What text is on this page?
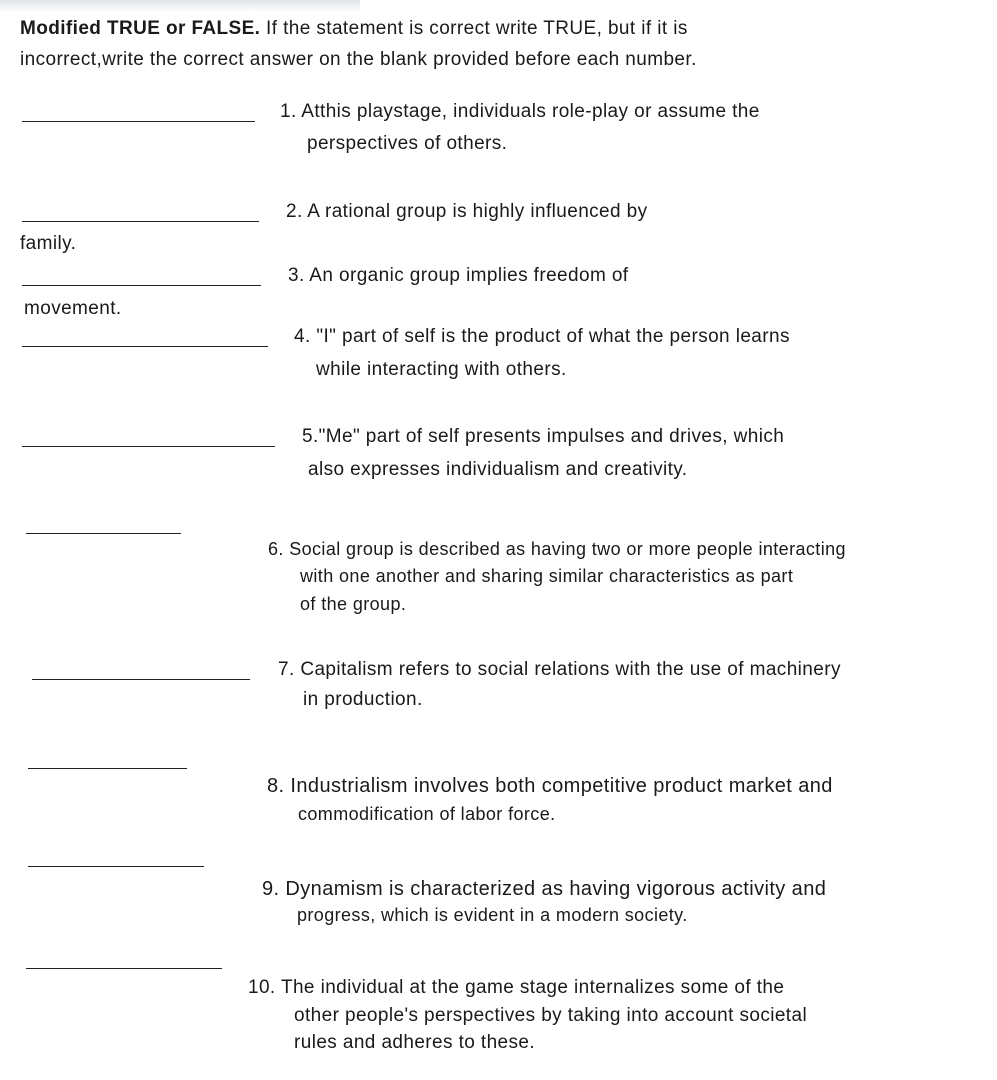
Modified TRUE or FALSE. If the statement is correct write TRUE, but if it is
incorrect,write the correct answer on the blank provided before each number.
1. Atthis playstage, individuals role-play or assume the
perspectives of others.
2. A rational group is highly influenced by
family.
3. An organic group implies freedom of
movement.
4. "I" part of self is the product of what the person learns
while interacting with others.
5."Me" part of self presents impulses and drives, which
also expresses individualism and creativity.
6. Social group is described as having two or more people interacting
with one another and sharing similar characteristics as part
of the group.
7. Capitalism refers to social relations with the use of machinery
in production.
8. Industrialism involves both competitive product market and
commodification of labor force.
9. Dynamism is characterized as having vigorous activity and
progress, which is evident in a modern society.
10. The individual at the game stage internalizes some of the
other people's perspectives by taking into account societal
rules and adheres to these.
